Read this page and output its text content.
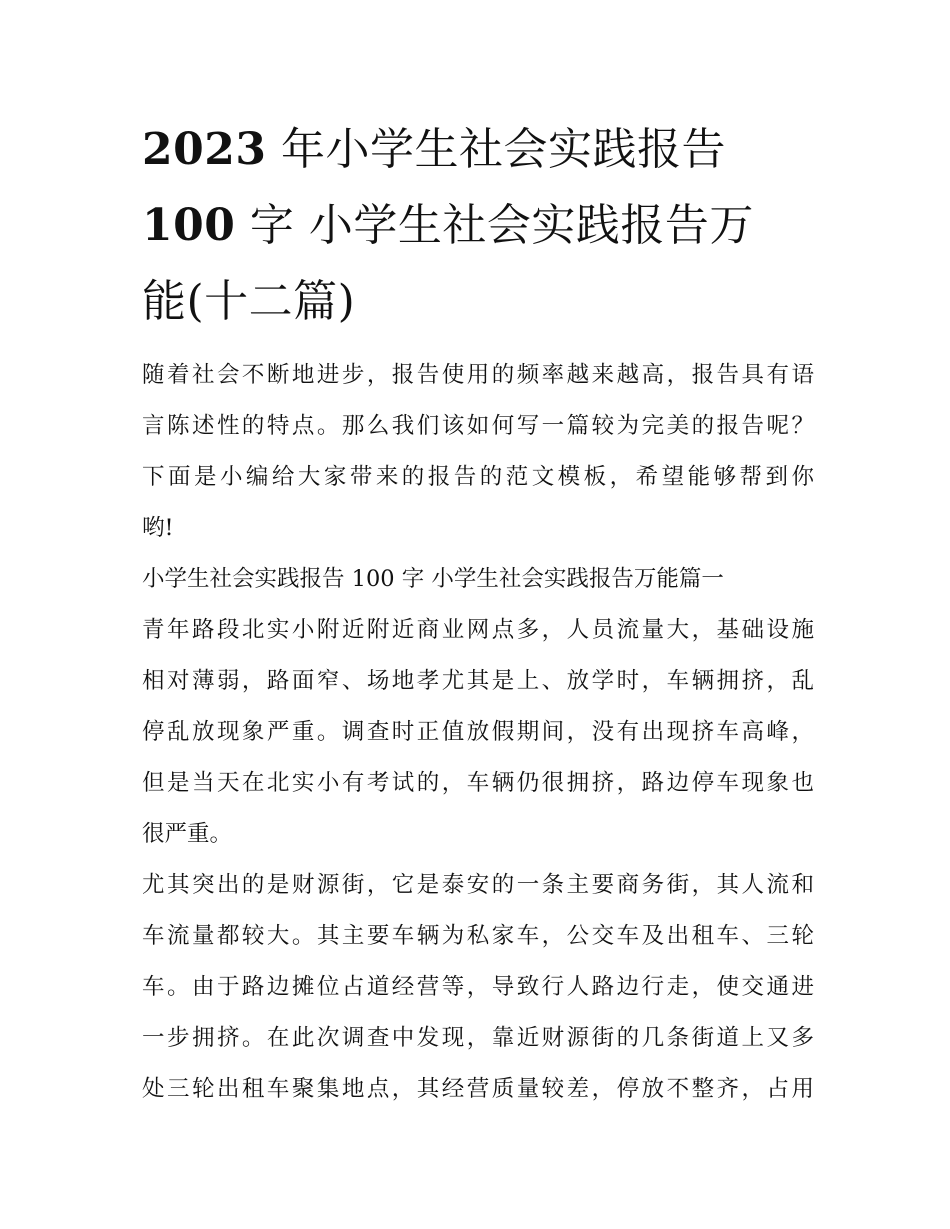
2023 年小学生社会实践报告
100 字 小学生社会实践报告万
能(十二篇)

随着社会不断地进步，报告使用的频率越来越高，报告具有语
言陈述性的特点。那么我们该如何写一篇较为完美的报告呢？
下面是小编给大家带来的报告的范文模板，希望能够帮到你
哟!

小学生社会实践报告 100 字 小学生社会实践报告万能篇一

青年路段北实小附近附近商业网点多，人员流量大，基础设施
相对薄弱，路面窄、场地孝尤其是上、放学时，车辆拥挤，乱
停乱放现象严重。调查时正值放假期间，没有出现挤车高峰，
但是当天在北实小有考试的，车辆仍很拥挤，路边停车现象也
很严重。

尤其突出的是财源街，它是泰安的一条主要商务街，其人流和
车流量都较大。其主要车辆为私家车，公交车及出租车、三轮
车。由于路边摊位占道经营等，导致行人路边行走，使交通进
一步拥挤。在此次调查中发现，靠近财源街的几条街道上又多
处三轮出租车聚集地点，其经营质量较差，停放不整齐，占用
